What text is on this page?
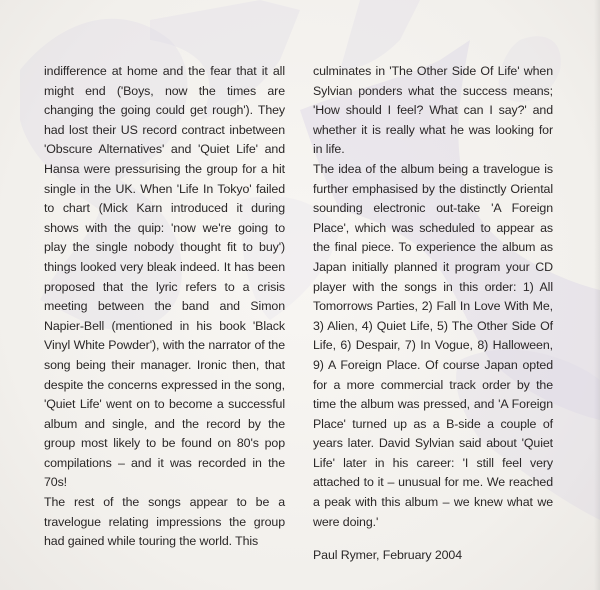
indifference at home and the fear that it all might end ('Boys, now the times are changing the going could get rough'). They had lost their US record contract inbetween 'Obscure Alternatives' and 'Quiet Life' and Hansa were pressurising the group for a hit single in the UK. When 'Life In Tokyo' failed to chart (Mick Karn introduced it during shows with the quip: 'now we're going to play the single nobody thought fit to buy') things looked very bleak indeed. It has been proposed that the lyric refers to a crisis meeting between the band and Simon Napier-Bell (mentioned in his book 'Black Vinyl White Powder'), with the narrator of the song being their manager. Ironic then, that despite the concerns expressed in the song, 'Quiet Life' went on to become a successful album and single, and the record by the group most likely to be found on 80's pop compilations – and it was recorded in the 70s!

The rest of the songs appear to be a travelogue relating impressions the group had gained while touring the world. This

culminates in 'The Other Side Of Life' when Sylvian ponders what the success means; 'How should I feel? What can I say?' and whether it is really what he was looking for in life.

The idea of the album being a travelogue is further emphasised by the distinctly Oriental sounding electronic out-take 'A Foreign Place', which was scheduled to appear as the final piece. To experience the album as Japan initially planned it program your CD player with the songs in this order: 1) All Tomorrows Parties, 2) Fall In Love With Me, 3) Alien, 4) Quiet Life, 5) The Other Side Of Life, 6) Despair, 7) In Vogue, 8) Halloween, 9) A Foreign Place. Of course Japan opted for a more commercial track order by the time the album was pressed, and 'A Foreign Place' turned up as a B-side a couple of years later. David Sylvian said about 'Quiet Life' later in his career: 'I still feel very attached to it – unusual for me. We reached a peak with this album – we knew what we were doing.'

Paul Rymer, February 2004
